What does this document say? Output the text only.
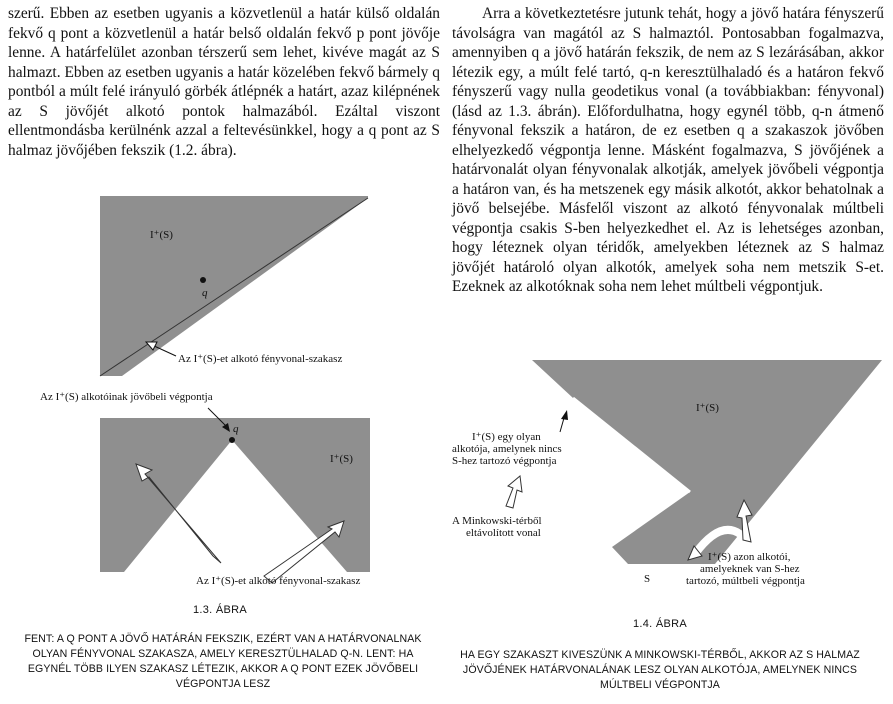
szerű. Ebben az esetben ugyanis a közvetlenül a határ külső oldalán fekvő q pont a közvetlenül a határ belső oldalán fekvő p pont jövője lenne. A határfelület azonban térszerű sem lehet, kivéve magát az S halmazt. Ebben az esetben ugyanis a határ közelében fekvő bármely q pontból a múlt felé irányuló görbék átlépnék a határt, azaz kilépnének az S jövőjét alkotó pontok halmazából. Ezáltal viszont ellentmondásba kerülnénk azzal a feltevésünkkel, hogy a q pont az S halmaz jövőjében fekszik (1.2. ábra).

Arra a következtetésre jutunk tehát, hogy a jövő határa fényszerű távolságra van magától az S halmaztól. Pontosabban fogalmazva, amennyiben q a jövő határán fekszik, de nem az S lezárásában, akkor létezik egy, a múlt felé tartó, q-n keresztülhaladó és a határon fekvő fényszerű vagy nulla geodetikus vonal (a továbbiakban: fényvonal) (lásd az 1.3. ábrán). Előfordulhatna, hogy egynél több, q-n átmenő fényvonal fekszik a határon, de ez esetben q a szakaszok jövőben elhelyezkedő végpontja lenne. Másként fogalmazva, S jövőjének a határvonalát olyan fényvonalak alkotják, amelyek jövőbeli végpontja a határon van, és ha metszenek egy másik alkotót, akkor behatolnak a jövő belsejébe. Másfelől viszont az alkotó fényvonalak múltbeli végpontja csakis S-ben helyezkedhet el. Az is lehetséges azonban, hogy léteznek olyan téridők, amelyekben léteznek az S halmaz jövőjét határoló olyan alkotók, amelyek soha nem metszik S-et. Ezeknek az alkotóknak soha nem lehet múltbeli végpontjuk.

I⁺(S)
q
Az I⁺(S)-et alkotó fényvonal-szakasz
Az I⁺(S) alkotóinak jövőbeli végpontja
q
I⁺(S)
Az I⁺(S)-et alkotó fényvonal-szakasz
1.3. ÁBRA

FENT: A Q PONT A JÖVŐ HATÁRÁN FEKSZIK, EZÉRT VAN A HATÁRVONALNAK OLYAN FÉNYVONAL SZAKASZA, AMELY KERESZTÜLHALAD Q-N. LENT: HA EGYNÉL TÖBB ILYEN SZAKASZ LÉTEZIK, AKKOR A Q PONT EZEK JÖVŐBELI VÉGPONTJA LESZ

I⁺(S)
S
I⁺(S) egy olyan
alkotója, amelynek nincs
S-hez tartozó végpontja
A Minkowski-térből
eltávolított vonal
I⁺(S) azon alkotói,
amelyeknek van S-hez
tartozó, múltbeli végpontja
1.4. ÁBRA

HA EGY SZAKASZT KIVESZÜNK A MINKOWSKI-TÉRBŐL, AKKOR AZ S HALMAZ JÖVŐJÉNEK HATÁRVONALÁNAK LESZ OLYAN ALKOTÓJA, AMELYNEK NINCS MÚLTBELI VÉGPONTJA
